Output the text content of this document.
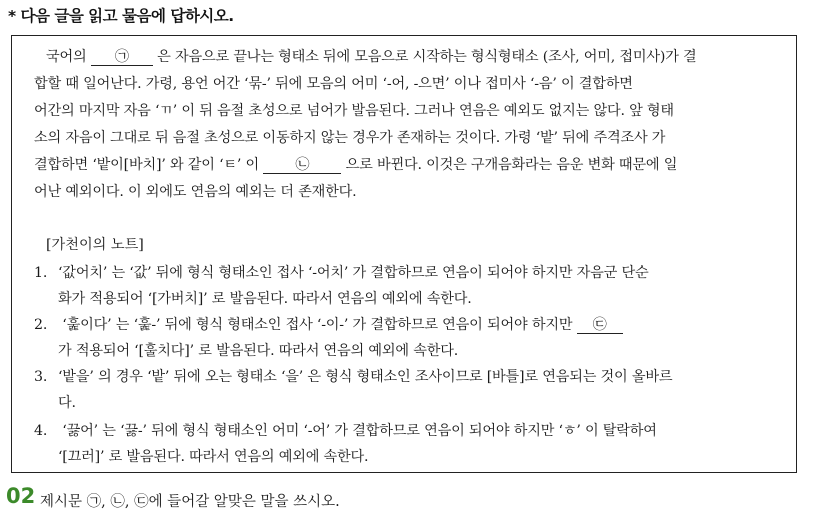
* 다음 글을 읽고 물음에 답하시오.
국어의 ㉠ 은 자음으로 끝나는 형태소 뒤에 모음으로 시작하는 형식형태소 (조사, 어미, 접미사)가 결
합할 때 일어난다. 가령, 용언 어간 ‘묶-’ 뒤에 모음의 어미 ‘-어, -으면’ 이나 접미사 ‘-음’ 이 결합하면
어간의 마지막 자음 ‘ㄲ’ 이 뒤 음절 초성으로 넘어가 발음된다. 그러나 연음은 예외도 없지는 않다. 앞 형태
소의 자음이 그대로 뒤 음절 초성으로 이동하지 않는 경우가 존재하는 것이다. 가령 ‘밭’ 뒤에 주격조사 가
결합하면 ‘밭이[바치]’ 와 같이 ‘ㅌ’ 이 ㉡ 으로 바뀐다. 이것은 구개음화라는 음운 변화 때문에 일
어난 예외이다. 이 외에도 연음의 예외는 더 존재한다.
[가천이의 노트]
1. ‘값어치’ 는 ‘값’ 뒤에 형식 형태소인 접사 ‘-어치’ 가 결합하므로 연음이 되어야 하지만 자음군 단순
화가 적용되어 ‘[가버치]’ 로 발음된다. 따라서 연음의 예외에 속한다.
2. ‘훑이다’ 는 ‘훑-’ 뒤에 형식 형태소인 접사 ‘-이-’ 가 결합하므로 연음이 되어야 하지만 ㉢
가 적용되어 ‘[훌치다]’ 로 발음된다. 따라서 연음의 예외에 속한다.
3. ‘밭을’ 의 경우 ‘밭’ 뒤에 오는 형태소 ‘을’ 은 형식 형태소인 조사이므로 [바틀]로 연음되는 것이 올바르
다.
4. ‘끓어’ 는 ‘끓-’ 뒤에 형식 형태소인 어미 ‘-어’ 가 결합하므로 연음이 되어야 하지만 ‘ㅎ’ 이 탈락하여
‘[끄러]’ 로 발음된다. 따라서 연음의 예외에 속한다.
02 제시문 ㉠, ㉡, ㉢에 들어갈 알맞은 말을 쓰시오.
